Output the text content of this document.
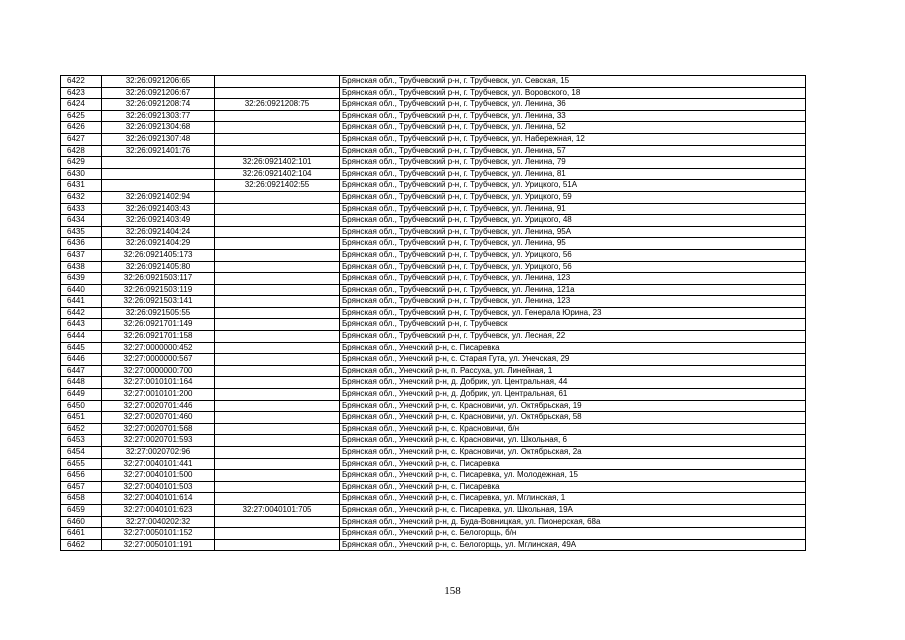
6422	32:26:0921206:65		Брянская обл., Трубчевский р-н, г. Трубчевск, ул. Севская, 15
6423	32:26:0921206:67		Брянская обл., Трубчевский р-н, г. Трубчевск, ул. Воровского, 18
6424	32:26:0921208:74	32:26:0921208:75	Брянская обл., Трубчевский р-н, г. Трубчевск, ул. Ленина, 36
6425	32:26:0921303:77		Брянская обл., Трубчевский р-н, г. Трубчевск, ул. Ленина, 33
6426	32:26:0921304:68		Брянская обл., Трубчевский р-н, г. Трубчевск, ул. Ленина, 52
6427	32:26:0921307:48		Брянская обл., Трубчевский р-н, г. Трубчевск, ул. Набережная, 12
6428	32:26:0921401:76		Брянская обл., Трубчевский р-н, г. Трубчевск, ул. Ленина, 57
6429		32:26:0921402:101	Брянская обл., Трубчевский р-н, г. Трубчевск, ул. Ленина, 79
6430		32:26:0921402:104	Брянская обл., Трубчевский р-н, г. Трубчевск, ул. Ленина, 81
6431		32:26:0921402:55	Брянская обл., Трубчевский р-н, г. Трубчевск, ул. Урицкого, 51А
6432	32:26:0921402:94		Брянская обл., Трубчевский р-н, г. Трубчевск, ул. Урицкого, 59
6433	32:26:0921403:43		Брянская обл., Трубчевский р-н, г. Трубчевск, ул. Ленина, 91
6434	32:26:0921403:49		Брянская обл., Трубчевский р-н, г. Трубчевск, ул. Урицкого, 48
6435	32:26:0921404:24		Брянская обл., Трубчевский р-н, г. Трубчевск, ул. Ленина, 95А
6436	32:26:0921404:29		Брянская обл., Трубчевский р-н, г. Трубчевск, ул. Ленина, 95
6437	32:26:0921405:173		Брянская обл., Трубчевский р-н, г. Трубчевск, ул. Урицкого, 56
6438	32:26:0921405:80		Брянская обл., Трубчевский р-н, г. Трубчевск, ул. Урицкого, 56
6439	32:26:0921503:117		Брянская обл., Трубчевский р-н, г. Трубчевск, ул. Ленина, 123
6440	32:26:0921503:119		Брянская обл., Трубчевский р-н, г. Трубчевск, ул. Ленина, 121а
6441	32:26:0921503:141		Брянская обл., Трубчевский р-н, г. Трубчевск, ул. Ленина, 123
6442	32:26:0921505:55		Брянская обл., Трубчевский р-н, г. Трубчевск, ул. Генерала Юрина, 23
6443	32:26:0921701:149		Брянская обл., Трубчевский р-н, г. Трубчевск
6444	32:26:0921701:158		Брянская обл., Трубчевский р-н, г. Трубчевск, ул. Лесная, 22
6445	32:27:0000000:452		Брянская обл., Унечский р-н, с. Писаревка
6446	32:27:0000000:567		Брянская обл., Унечский р-н, с. Старая Гута, ул. Унечская, 29
6447	32:27:0000000:700		Брянская обл., Унечский р-н, п. Рассуха, ул. Линейная, 1
6448	32:27:0010101:164		Брянская обл., Унечский р-н, д. Добрик, ул. Центральная, 44
6449	32:27:0010101:200		Брянская обл., Унечский р-н, д. Добрик, ул. Центральная, 61
6450	32:27:0020701:446		Брянская обл., Унечский р-н, с. Красновичи, ул. Октябрьская, 19
6451	32:27:0020701:460		Брянская обл., Унечский р-н, с. Красновичи, ул. Октябрьская, 58
6452	32:27:0020701:568		Брянская обл., Унечский р-н, с. Красновичи, б/н
6453	32:27:0020701:593		Брянская обл., Унечский р-н, с. Красновичи, ул. Школьная, 6
6454	32:27:0020702:96		Брянская обл., Унечский р-н, с. Красновичи, ул. Октябрьская, 2а
6455	32:27:0040101:441		Брянская обл., Унечский р-н, с. Писаревка
6456	32:27:0040101:500		Брянская обл., Унечский р-н, с. Писаревка, ул. Молодежная, 15
6457	32:27:0040101:503		Брянская обл., Унечский р-н, с. Писаревка
6458	32:27:0040101:614		Брянская обл., Унечский р-н, с. Писаревка, ул. Мглинская, 1
6459	32:27:0040101:623	32:27:0040101:705	Брянская обл., Унечский р-н, с. Писаревка, ул. Школьная, 19А
6460	32:27:0040202:32		Брянская обл., Унечский р-н, д. Буда-Вовницкая, ул. Пионерская, 68а
6461	32:27:0050101:152		Брянская обл., Унечский р-н, с. Белогорщь, б/н
6462	32:27:0050101:191		Брянская обл., Унечский р-н, с. Белогорщь, ул. Мглинская, 49А
158
